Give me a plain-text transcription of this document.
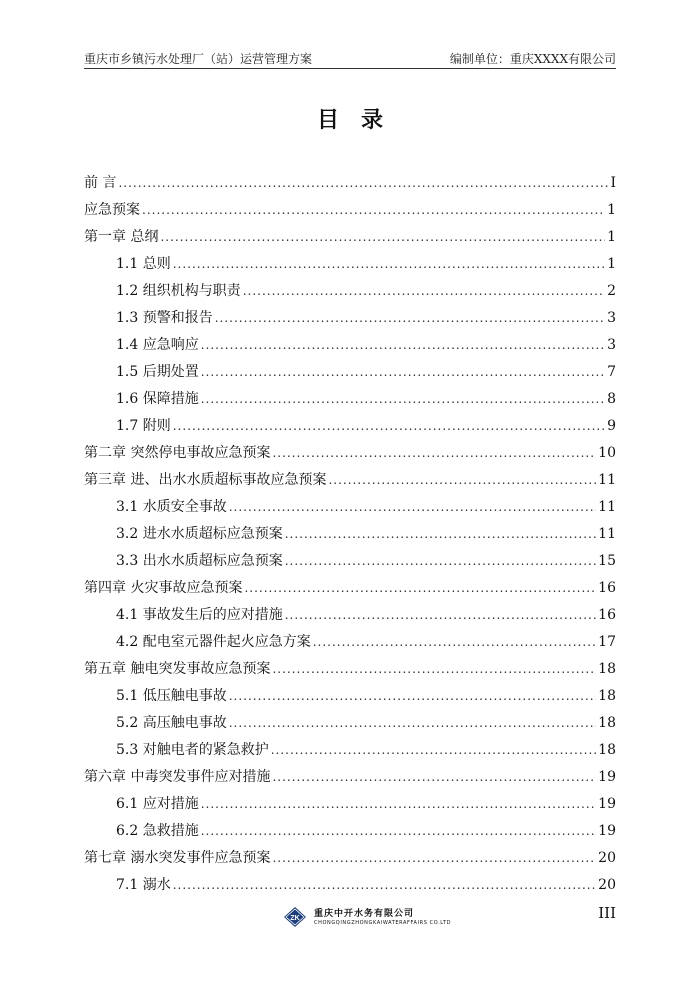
重庆市乡镇污水处理厂（站）运营管理方案	编制单位：重庆XXXX有限公司
目录
前 言 .....	I
应急预案 .....	1
第一章 总纲 .....	1
1.1 总则 .....	1
1.2 组织机构与职责 .....	2
1.3 预警和报告 .....	3
1.4 应急响应 .....	3
1.5 后期处置 .....	7
1.6 保障措施 .....	8
1.7 附则 .....	9
第二章 突然停电事故应急预案 .....	10
第三章 进、出水水质超标事故应急预案 .....	11
3.1 水质安全事故 .....	11
3.2 进水水质超标应急预案 .....	11
3.3 出水水质超标应急预案 .....	15
第四章 火灾事故应急预案 .....	16
4.1 事故发生后的应对措施 .....	16
4.2 配电室元器件起火应急方案 .....	17
第五章 触电突发事故应急预案 .....	18
5.1 低压触电事故 .....	18
5.2 高压触电事故 .....	18
5.3 对触电者的紧急救护 .....	18
第六章 中毒突发事件应对措施 .....	19
6.1 应对措施 .....	19
6.2 急救措施 .....	19
第七章 溺水突发事件应急预案 .....	20
7.1 溺水 .....	20
ZK 重庆中开水务有限公司
CHONGQINGZHONGKAIWATERAFFAIRS CO.LTD
III
